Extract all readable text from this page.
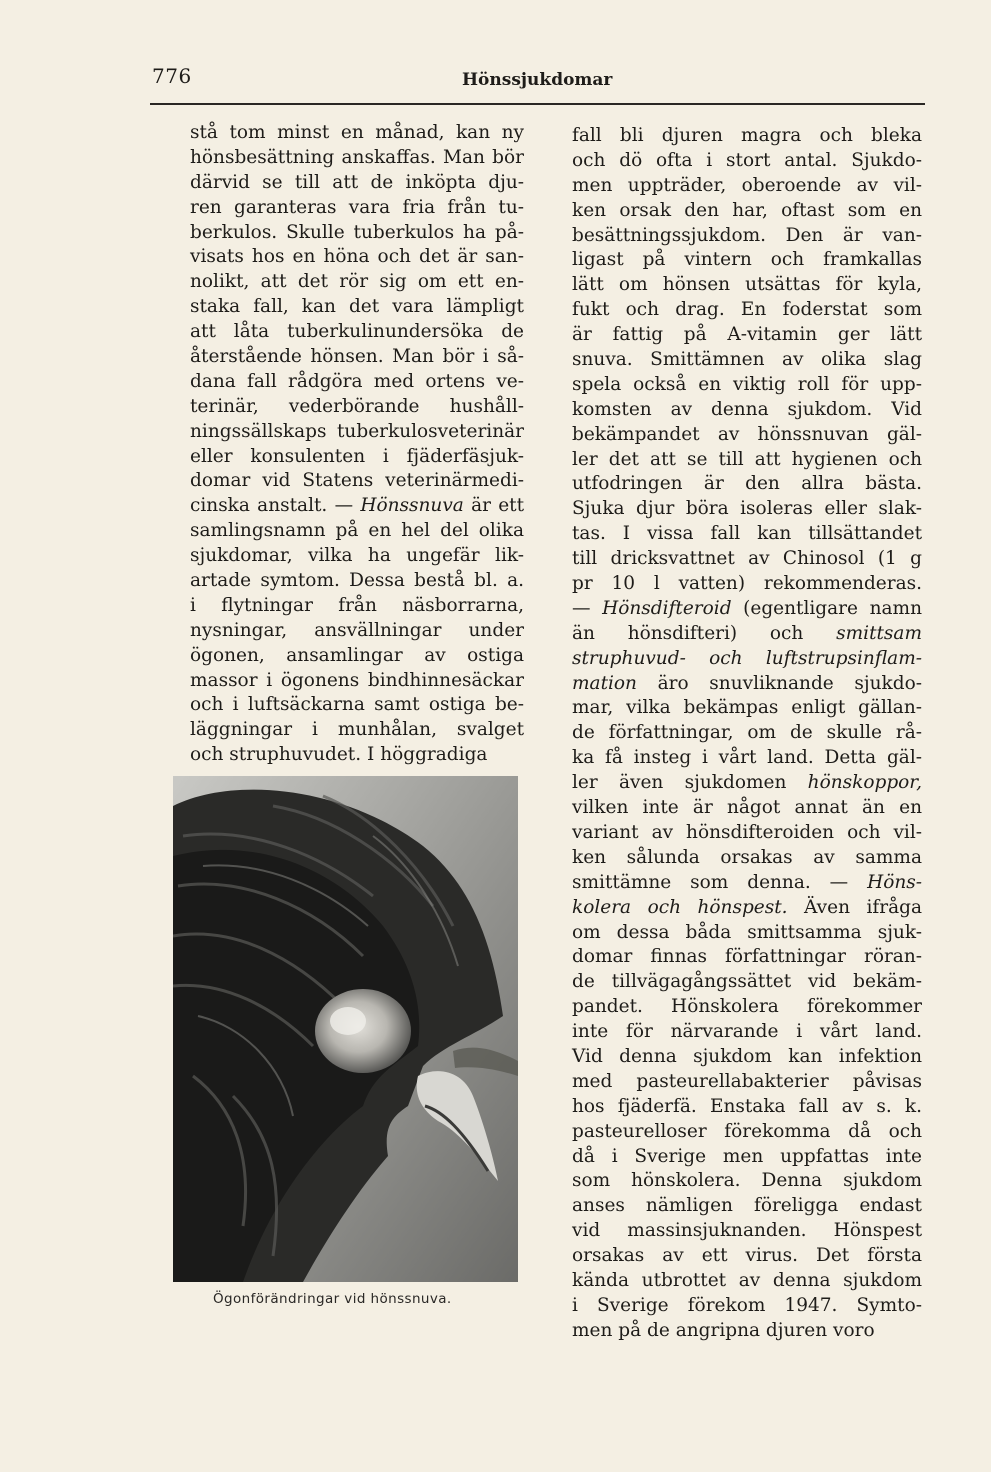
776	Hönssjukdomar
stå tom minst en månad, kan ny
hönsbesättning anskaffas. Man bör
därvid se till att de inköpta dju-
ren garanteras vara fria från tu-
berkulos. Skulle tuberkulos ha på-
visats hos en höna och det är san-
nolikt, att det rör sig om ett en-
staka fall, kan det vara lämpligt
att låta tuberkulinundersöka de
återstående hönsen. Man bör i så-
dana fall rådgöra med ortens ve-
terinär, vederbörande hushåll-
ningssällskaps tuberkulosveterinär
eller konsulenten i fjäderfäsjuk-
domar vid Statens veterinärmedi-
cinska anstalt. — Hönssnuva är ett
samlingsnamn på en hel del olika
sjukdomar, vilka ha ungefär lik-
artade symtom. Dessa bestå bl. a.
i flytningar från näsborrarna,
nysningar, ansvällningar under
ögonen, ansamlingar av ostiga
massor i ögonens bindhinnesäckar
och i luftsäckarna samt ostiga be-
läggningar i munhålan, svalget
och struphuvudet. I höggradiga
fall bli djuren magra och bleka
och dö ofta i stort antal. Sjukdo-
men uppträder, oberoende av vil-
ken orsak den har, oftast som en
besättningssjukdom. Den är van-
ligast på vintern och framkallas
lätt om hönsen utsättas för kyla,
fukt och drag. En foderstat som
är fattig på A-vitamin ger lätt
snuva. Smittämnen av olika slag
spela också en viktig roll för upp-
komsten av denna sjukdom. Vid
bekämpandet av hönssnuvan gäl-
ler det att se till att hygienen och
utfodringen är den allra bästa.
Sjuka djur böra isoleras eller slak-
tas. I vissa fall kan tillsättandet
till dricksvattnet av Chinosol (1 g
pr 10 l vatten) rekommenderas.
— Hönsdifteroid (egentligare namn
än hönsdifteri) och smittsam
struphuvud- och luftstrupsinflam-
mation äro snuvliknande sjukdo-
mar, vilka bekämpas enligt gällan-
de författningar, om de skulle rå-
ka få insteg i vårt land. Detta gäl-
ler även sjukdomen hönskoppor,
vilken inte är något annat än en
variant av hönsdifteroiden och vil-
ken sålunda orsakas av samma
smittämne som denna. — Höns-
kolera och hönspest. Även ifråga
om dessa båda smittsamma sjuk-
domar finnas författningar röran-
de tillvägagångssättet vid bekäm-
pandet. Hönskolera förekommer
inte för närvarande i vårt land.
Vid denna sjukdom kan infektion
med pasteurellabakterier påvisas
hos fjäderfä. Enstaka fall av s. k.
pasteurelloser förekomma då och
då i Sverige men uppfattas inte
som hönskolera. Denna sjukdom
anses nämligen föreligga endast
vid massinsjuknanden. Hönspest
orsakas av ett virus. Det första
kända utbrottet av denna sjukdom
i Sverige förekom 1947. Symto-
men på de angripna djuren voro
Ögonförändringar vid hönssnuva.
